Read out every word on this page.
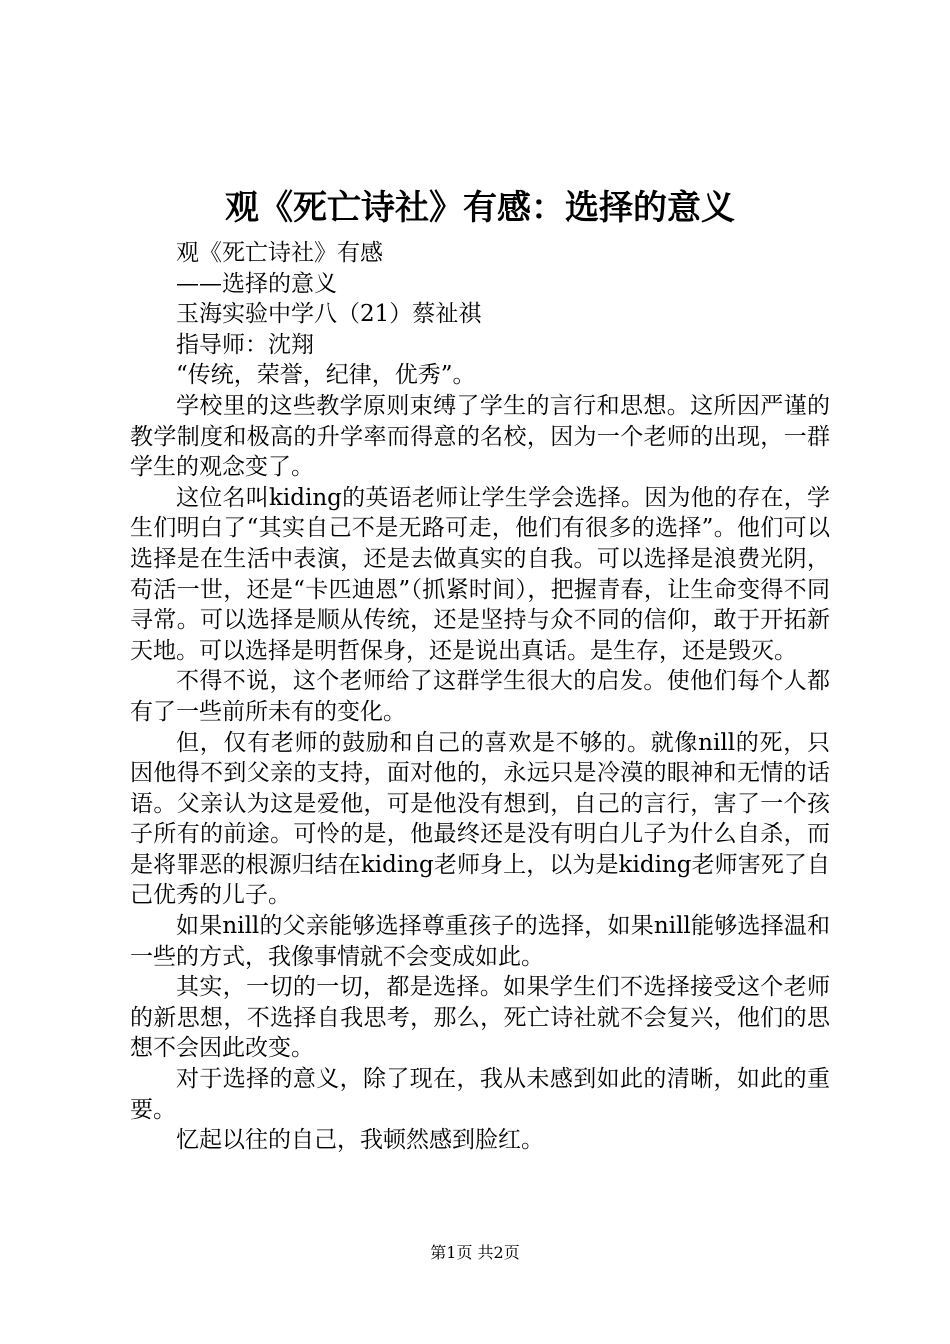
观《死亡诗社》有感：选择的意义

观《死亡诗社》有感

——选择的意义

玉海实验中学八（21）蔡祉祺

指导师：沈翔

“传统，荣誉，纪律，优秀”。

学校里的这些教学原则束缚了学生的言行和思想。这所因严谨的教学制度和极高的升学率而得意的名校，因为一个老师的出现，一群学生的观念变了。

这位名叫kiding的英语老师让学生学会选择。因为他的存在，学生们明白了“其实自己不是无路可走，他们有很多的选择”。他们可以选择是在生活中表演，还是去做真实的自我。可以选择是浪费光阴，苟活一世，还是“卡匹迪恩”（抓紧时间），把握青春，让生命变得不同寻常。可以选择是顺从传统，还是坚持与众不同的信仰，敢于开拓新天地。可以选择是明哲保身，还是说出真话。是生存，还是毁灭。

不得不说，这个老师给了这群学生很大的启发。使他们每个人都有了一些前所未有的变化。

但，仅有老师的鼓励和自己的喜欢是不够的。就像nill的死，只因他得不到父亲的支持，面对他的，永远只是冷漠的眼神和无情的话语。父亲认为这是爱他，可是他没有想到，自己的言行，害了一个孩子所有的前途。可怜的是，他最终还是没有明白儿子为什么自杀，而是将罪恶的根源归结在kiding老师身上，以为是kiding老师害死了自己优秀的儿子。

如果nill的父亲能够选择尊重孩子的选择，如果nill能够选择温和一些的方式，我像事情就不会变成如此。

其实，一切的一切，都是选择。如果学生们不选择接受这个老师的新思想，不选择自我思考，那么，死亡诗社就不会复兴，他们的思想不会因此改变。

对于选择的意义，除了现在，我从未感到如此的清晰，如此的重要。

忆起以往的自己，我顿然感到脸红。

第1页 共2页
